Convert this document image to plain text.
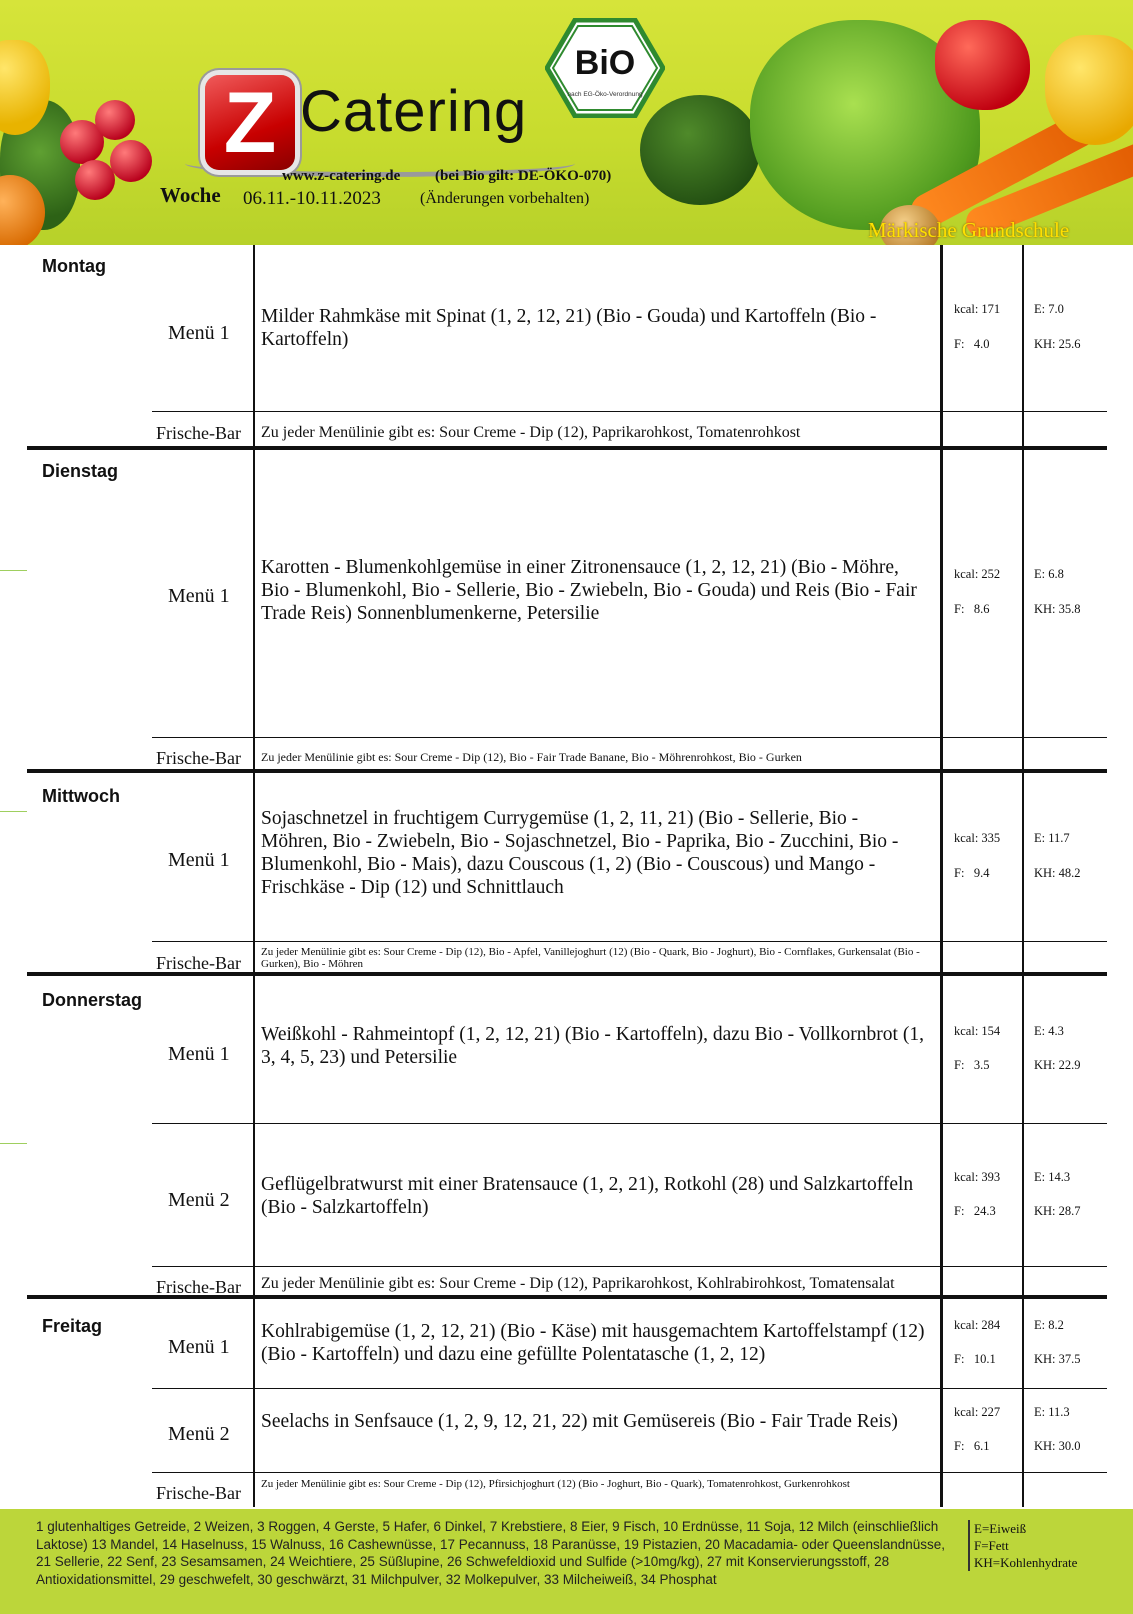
Z Catering
BiO
nach EG-Öko-Verordnung
www.z-catering.de (bei Bio gilt: DE-ÖKO-070)
Woche 06.11.-10.11.2023 (Änderungen vorbehalten)
Märkische Grundschule
Montag
Menü 1
Milder Rahmkäse mit Spinat (1, 2, 12, 21) (Bio - Gouda) und Kartoffeln (Bio - Kartoffeln)
kcal: 171
F: 4.0
E: 7.0
KH: 25.6
Frische-Bar Zu jeder Menülinie gibt es: Sour Creme - Dip (12), Paprikarohkost, Tomatenrohkost
Dienstag
Menü 1
Karotten - Blumenkohlgemüse in einer Zitronensauce (1, 2, 12, 21) (Bio - Möhre, Bio - Blumenkohl, Bio - Sellerie, Bio - Zwiebeln, Bio - Gouda) und Reis (Bio - Fair Trade Reis) Sonnenblumenkerne, Petersilie
kcal: 252
F: 8.6
E: 6.8
KH: 35.8
Frische-Bar Zu jeder Menülinie gibt es: Sour Creme - Dip (12), Bio - Fair Trade Banane, Bio - Möhrenrohkost, Bio - Gurken
Mittwoch
Menü 1
Sojaschnetzel in fruchtigem Currygemüse (1, 2, 11, 21) (Bio - Sellerie, Bio - Möhren, Bio - Zwiebeln, Bio - Sojaschnetzel, Bio - Paprika, Bio - Zucchini, Bio - Blumenkohl, Bio - Mais), dazu Couscous (1, 2) (Bio - Couscous) und Mango - Frischkäse - Dip (12) und Schnittlauch
kcal: 335
F: 9.4
E: 11.7
KH: 48.2
Frische-Bar
Zu jeder Menülinie gibt es: Sour Creme - Dip (12), Bio - Apfel, Vanillejoghurt (12) (Bio - Quark, Bio - Joghurt), Bio - Cornflakes, Gurkensalat (Bio - Gurken), Bio - Möhren
Donnerstag
Menü 1
Weißkohl - Rahmeintopf (1, 2, 12, 21) (Bio - Kartoffeln), dazu Bio - Vollkornbrot (1, 3, 4, 5, 23) und Petersilie
kcal: 154
F: 3.5
E: 4.3
KH: 22.9
Menü 2
Geflügelbratwurst mit einer Bratensauce (1, 2, 21), Rotkohl (28) und Salzkartoffeln (Bio - Salzkartoffeln)
kcal: 393
F: 24.3
E: 14.3
KH: 28.7
Frische-Bar Zu jeder Menülinie gibt es: Sour Creme - Dip (12), Paprikarohkost, Kohlrabirohkost, Tomatensalat
Freitag
Menü 1
Kohlrabigemüse (1, 2, 12, 21) (Bio - Käse) mit hausgemachtem Kartoffelstampf (12) (Bio - Kartoffeln) und dazu eine gefüllte Polentatasche (1, 2, 12)
kcal: 284
F: 10.1
E: 8.2
KH: 37.5
Menü 2
Seelachs in Senfsauce (1, 2, 9, 12, 21, 22) mit Gemüsereis (Bio - Fair Trade Reis)	kcal: 227
F: 6.1
E: 11.3
KH: 30.0
Frische-Bar Zu jeder Menülinie gibt es: Sour Creme - Dip (12), Pfirsichjoghurt (12) (Bio - Joghurt, Bio - Quark), Tomatenrohkost, Gurkenrohkost
1 glutenhaltiges Getreide, 2 Weizen, 3 Roggen, 4 Gerste, 5 Hafer, 6 Dinkel, 7 Krebstiere, 8 Eier, 9 Fisch, 10 Erdnüsse, 11 Soja, 12 Milch (einschließlich Laktose) 13 Mandel, 14 Haselnuss, 15 Walnuss, 16 Cashewnüsse, 17 Pecannuss, 18 Paranüsse, 19 Pistazien, 20 Macadamia- oder Queenslandnüsse, 21 Sellerie, 22 Senf, 23 Sesamsamen, 24 Weichtiere, 25 Süßlupine, 26 Schwefeldioxid und Sulfide (>10mg/kg), 27 mit Konservierungsstoff, 28 Antioxidationsmittel, 29 geschwefelt, 30 geschwärzt, 31 Milchpulver, 32 Molkepulver, 33 Milcheiweiß, 34 Phosphat
E=Eiweiß
F=Fett
KH=Kohlenhydrate
